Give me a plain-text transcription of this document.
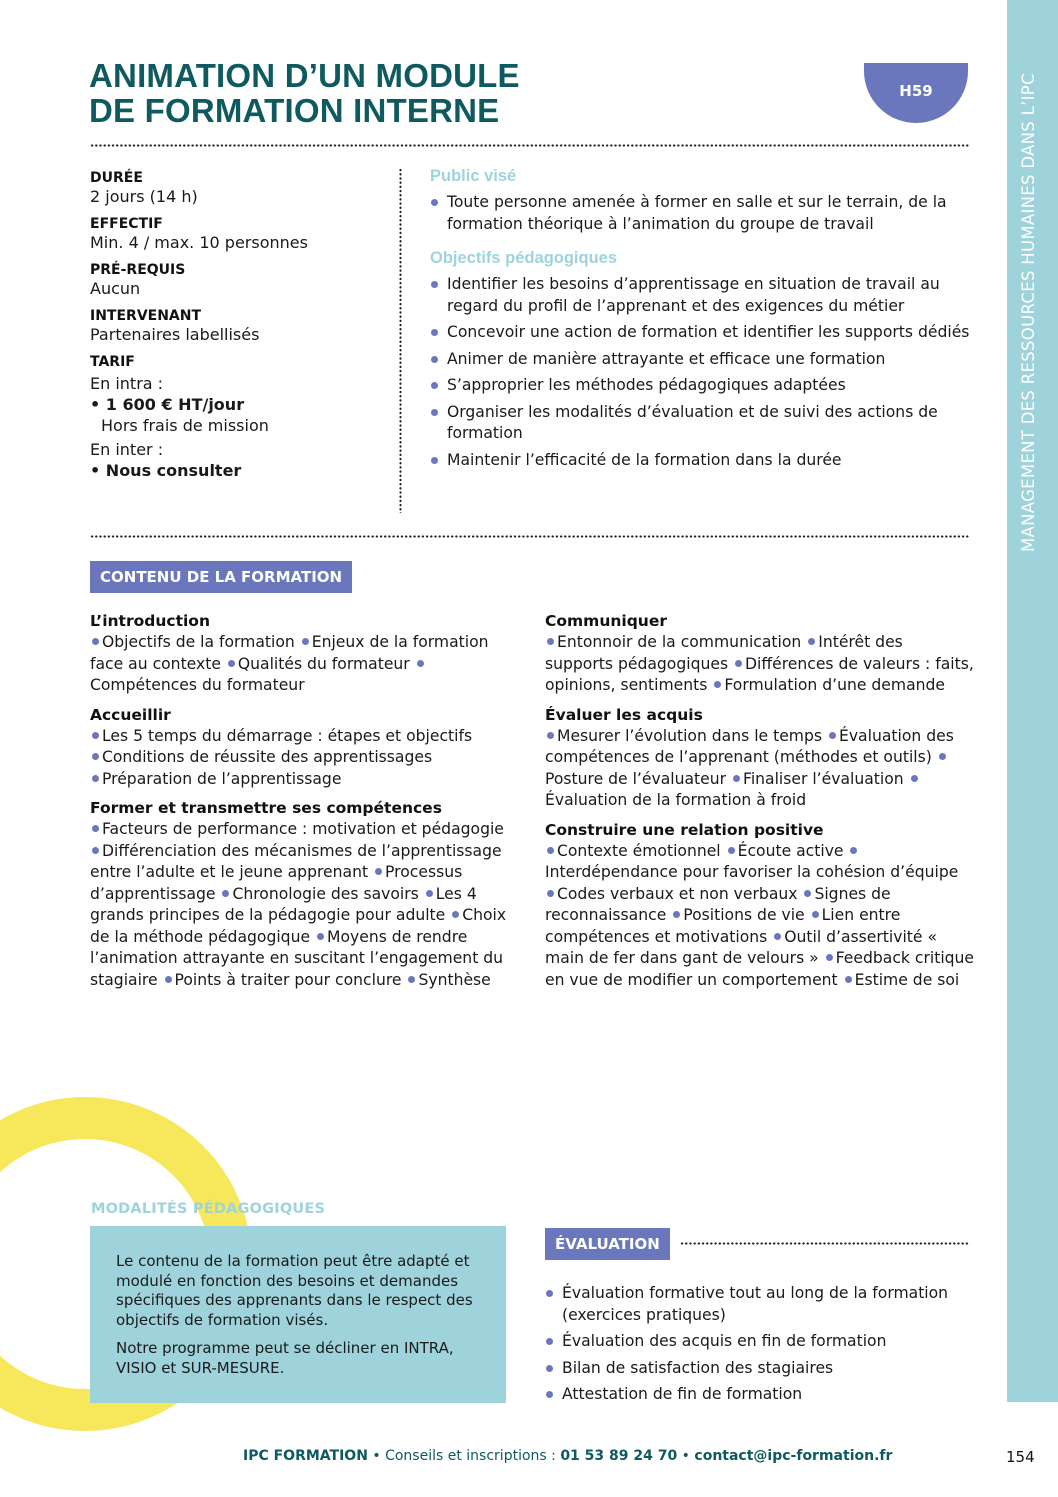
MANAGEMENT DES RESSOURCES HUMAINES DANS L’IPC
ANIMATION D’UN MODULE
DE FORMATION INTERNE
H59
DURÉE
2 jours (14 h)
EFFECTIF
Min. 4 / max. 10 personnes
PRÉ-REQUIS
Aucun
INTERVENANT
Partenaires labellisés
TARIF
En intra :
• 1 600 € HT/jour
Hors frais de mission
En inter :
• Nous consulter
Public visé
Toute personne amenée à former en salle et sur le terrain, de la formation théorique à l’animation du groupe de travail
Objectifs pédagogiques
Identifier les besoins d’apprentissage en situation de travail au regard du profil de l’apprenant et des exigences du métier
Concevoir une action de formation et identifier les supports dédiés
Animer de manière attrayante et efficace une formation
S’approprier les méthodes pédagogiques adaptées
Organiser les modalités d’évaluation et de suivi des actions de formation
Maintenir l’efficacité de la formation dans la durée
CONTENU DE LA FORMATION
L’introduction

Objectifs de la formation Enjeux de la formation face au contexte Qualités du formateur Compétences du formateur

Accueillir

Les 5 temps du démarrage : étapes et objectifs

Conditions de réussite des apprentissages

Préparation de l’apprentissage

Former et transmettre ses compétences

Facteurs de performance : motivation et pédagogie Différenciation des mécanismes de l’apprentissage entre l’adulte et le jeune apprenant Processus d’apprentissage Chronologie des savoirs Les 4 grands principes de la pédagogie pour adulte Choix de la méthode pédagogique Moyens de rendre l’animation attrayante en suscitant l’engagement du stagiaire Points à traiter pour conclure Synthèse

Communiquer

Entonnoir de la communication Intérêt des supports pédagogiques Différences de valeurs : faits, opinions, sentiments Formulation d’une demande

Évaluer les acquis

Mesurer l’évolution dans le temps Évaluation des compétences de l’apprenant (méthodes et outils) Posture de l’évaluateur Finaliser l’évaluation Évaluation de la formation à froid

Construire une relation positive

Contexte émotionnel Écoute active Interdépendance pour favoriser la cohésion d’équipe Codes verbaux et non verbaux Signes de reconnaissance Positions de vie Lien entre compétences et motivations Outil d’assertivité « main de fer dans gant de velours » Feedback critique en vue de modifier un comportement Estime de soi

Le contenu de la formation peut être adapté et modulé en fonction des besoins et demandes spécifiques des apprenants dans le respect des objectifs de formation visés.

Notre programme peut se décliner en INTRA, VISIO et SUR-MESURE.

MODALITÉS PÉDAGOGIQUES
ÉVALUATION
Évaluation formative tout au long de la formation (exercices pratiques)
Évaluation des acquis en fin de formation
Bilan de satisfaction des stagiaires
Attestation de fin de formation
IPC FORMATION • Conseils et inscriptions : 01 53 89 24 70 • contact@ipc-formation.fr	154
